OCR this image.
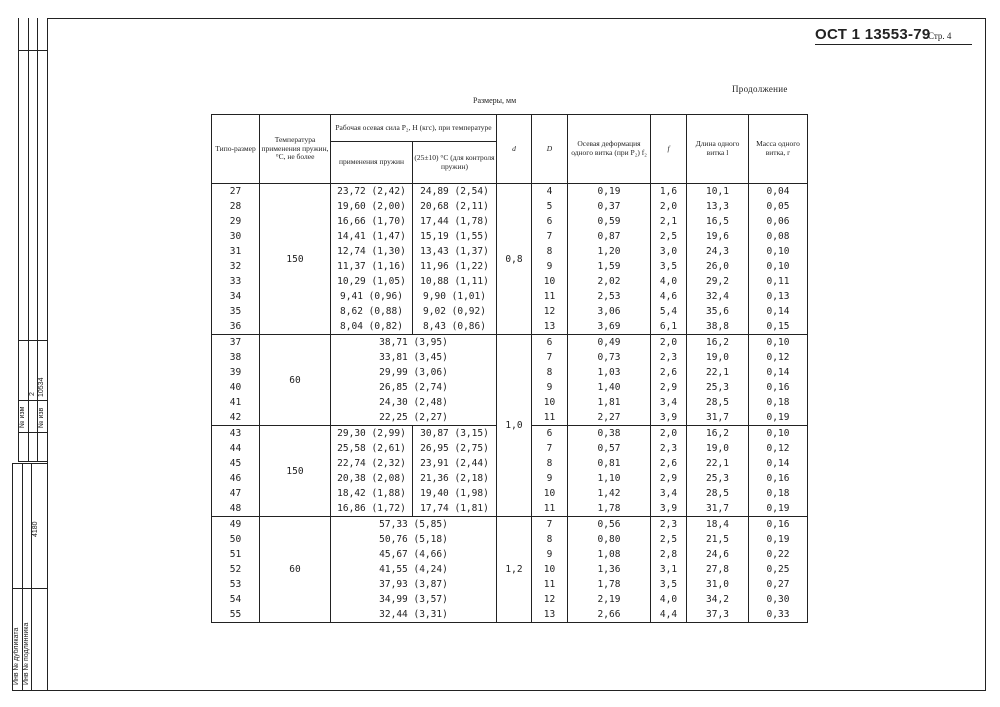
№ изм
2
№ изв
10534
4180
Инв № дубликата Инв № подлинника
ОСТ 1 13553-79
Стр. 4
Продолжение
Размеры, мм
Типо-размер	Температура применения пружин, °C, не более	Рабочая осевая сила P₂, Н (кгс), при температуре		d	D	Осевая деформация одного витка (при P₂) f₂	f	Длина одного витка l	Масса одного витка, г
		применения пружин	(25±10) °C (для контроля пружин)						
27	150	23,72 (2,42)	24,89 (2,54)	0,8	4	0,19	1,6	10,1	0,04
28		19,60 (2,00)	20,68 (2,11)		5	0,37	2,0	13,3	0,05
29		16,66 (1,70)	17,44 (1,78)		6	0,59	2,1	16,5	0,06
30		14,41 (1,47)	15,19 (1,55)		7	0,87	2,5	19,6	0,08
31		12,74 (1,30)	13,43 (1,37)		8	1,20	3,0	24,3	0,10
32		11,37 (1,16)	11,96 (1,22)		9	1,59	3,5	26,0	0,10
33		10,29 (1,05)	10,88 (1,11)		10	2,02	4,0	29,2	0,11
34		9,41 (0,96)	9,90 (1,01)		11	2,53	4,6	32,4	0,13
35		8,62 (0,88)	9,02 (0,92)		12	3,06	5,4	35,6	0,14
36		8,04 (0,82)	8,43 (0,86)		13	3,69	6,1	38,8	0,15
37	60	38,71 (3,95)		1,0	6	0,49	2,0	16,2	0,10
38		33,81 (3,45)			7	0,73	2,3	19,0	0,12
39		29,99 (3,06)			8	1,03	2,6	22,1	0,14
40		26,85 (2,74)			9	1,40	2,9	25,3	0,16
41		24,30 (2,48)			10	1,81	3,4	28,5	0,18
42		22,25 (2,27)			11	2,27	3,9	31,7	0,19
43	150	29,30 (2,99)	30,87 (3,15)		6	0,38	2,0	16,2	0,10
44		25,58 (2,61)	26,95 (2,75)		7	0,57	2,3	19,0	0,12
45		22,74 (2,32)	23,91 (2,44)		8	0,81	2,6	22,1	0,14
46		20,38 (2,08)	21,36 (2,18)		9	1,10	2,9	25,3	0,16
47		18,42 (1,88)	19,40 (1,98)		10	1,42	3,4	28,5	0,18
48		16,86 (1,72)	17,74 (1,81)		11	1,78	3,9	31,7	0,19
49	60	57,33 (5,85)		1,2	7	0,56	2,3	18,4	0,16
50		50,76 (5,18)			8	0,80	2,5	21,5	0,19
51		45,67 (4,66)			9	1,08	2,8	24,6	0,22
52		41,55 (4,24)			10	1,36	3,1	27,8	0,25
53		37,93 (3,87)			11	1,78	3,5	31,0	0,27
54		34,99 (3,57)			12	2,19	4,0	34,2	0,30
55		32,44 (3,31)			13	2,66	4,4	37,3	0,33
